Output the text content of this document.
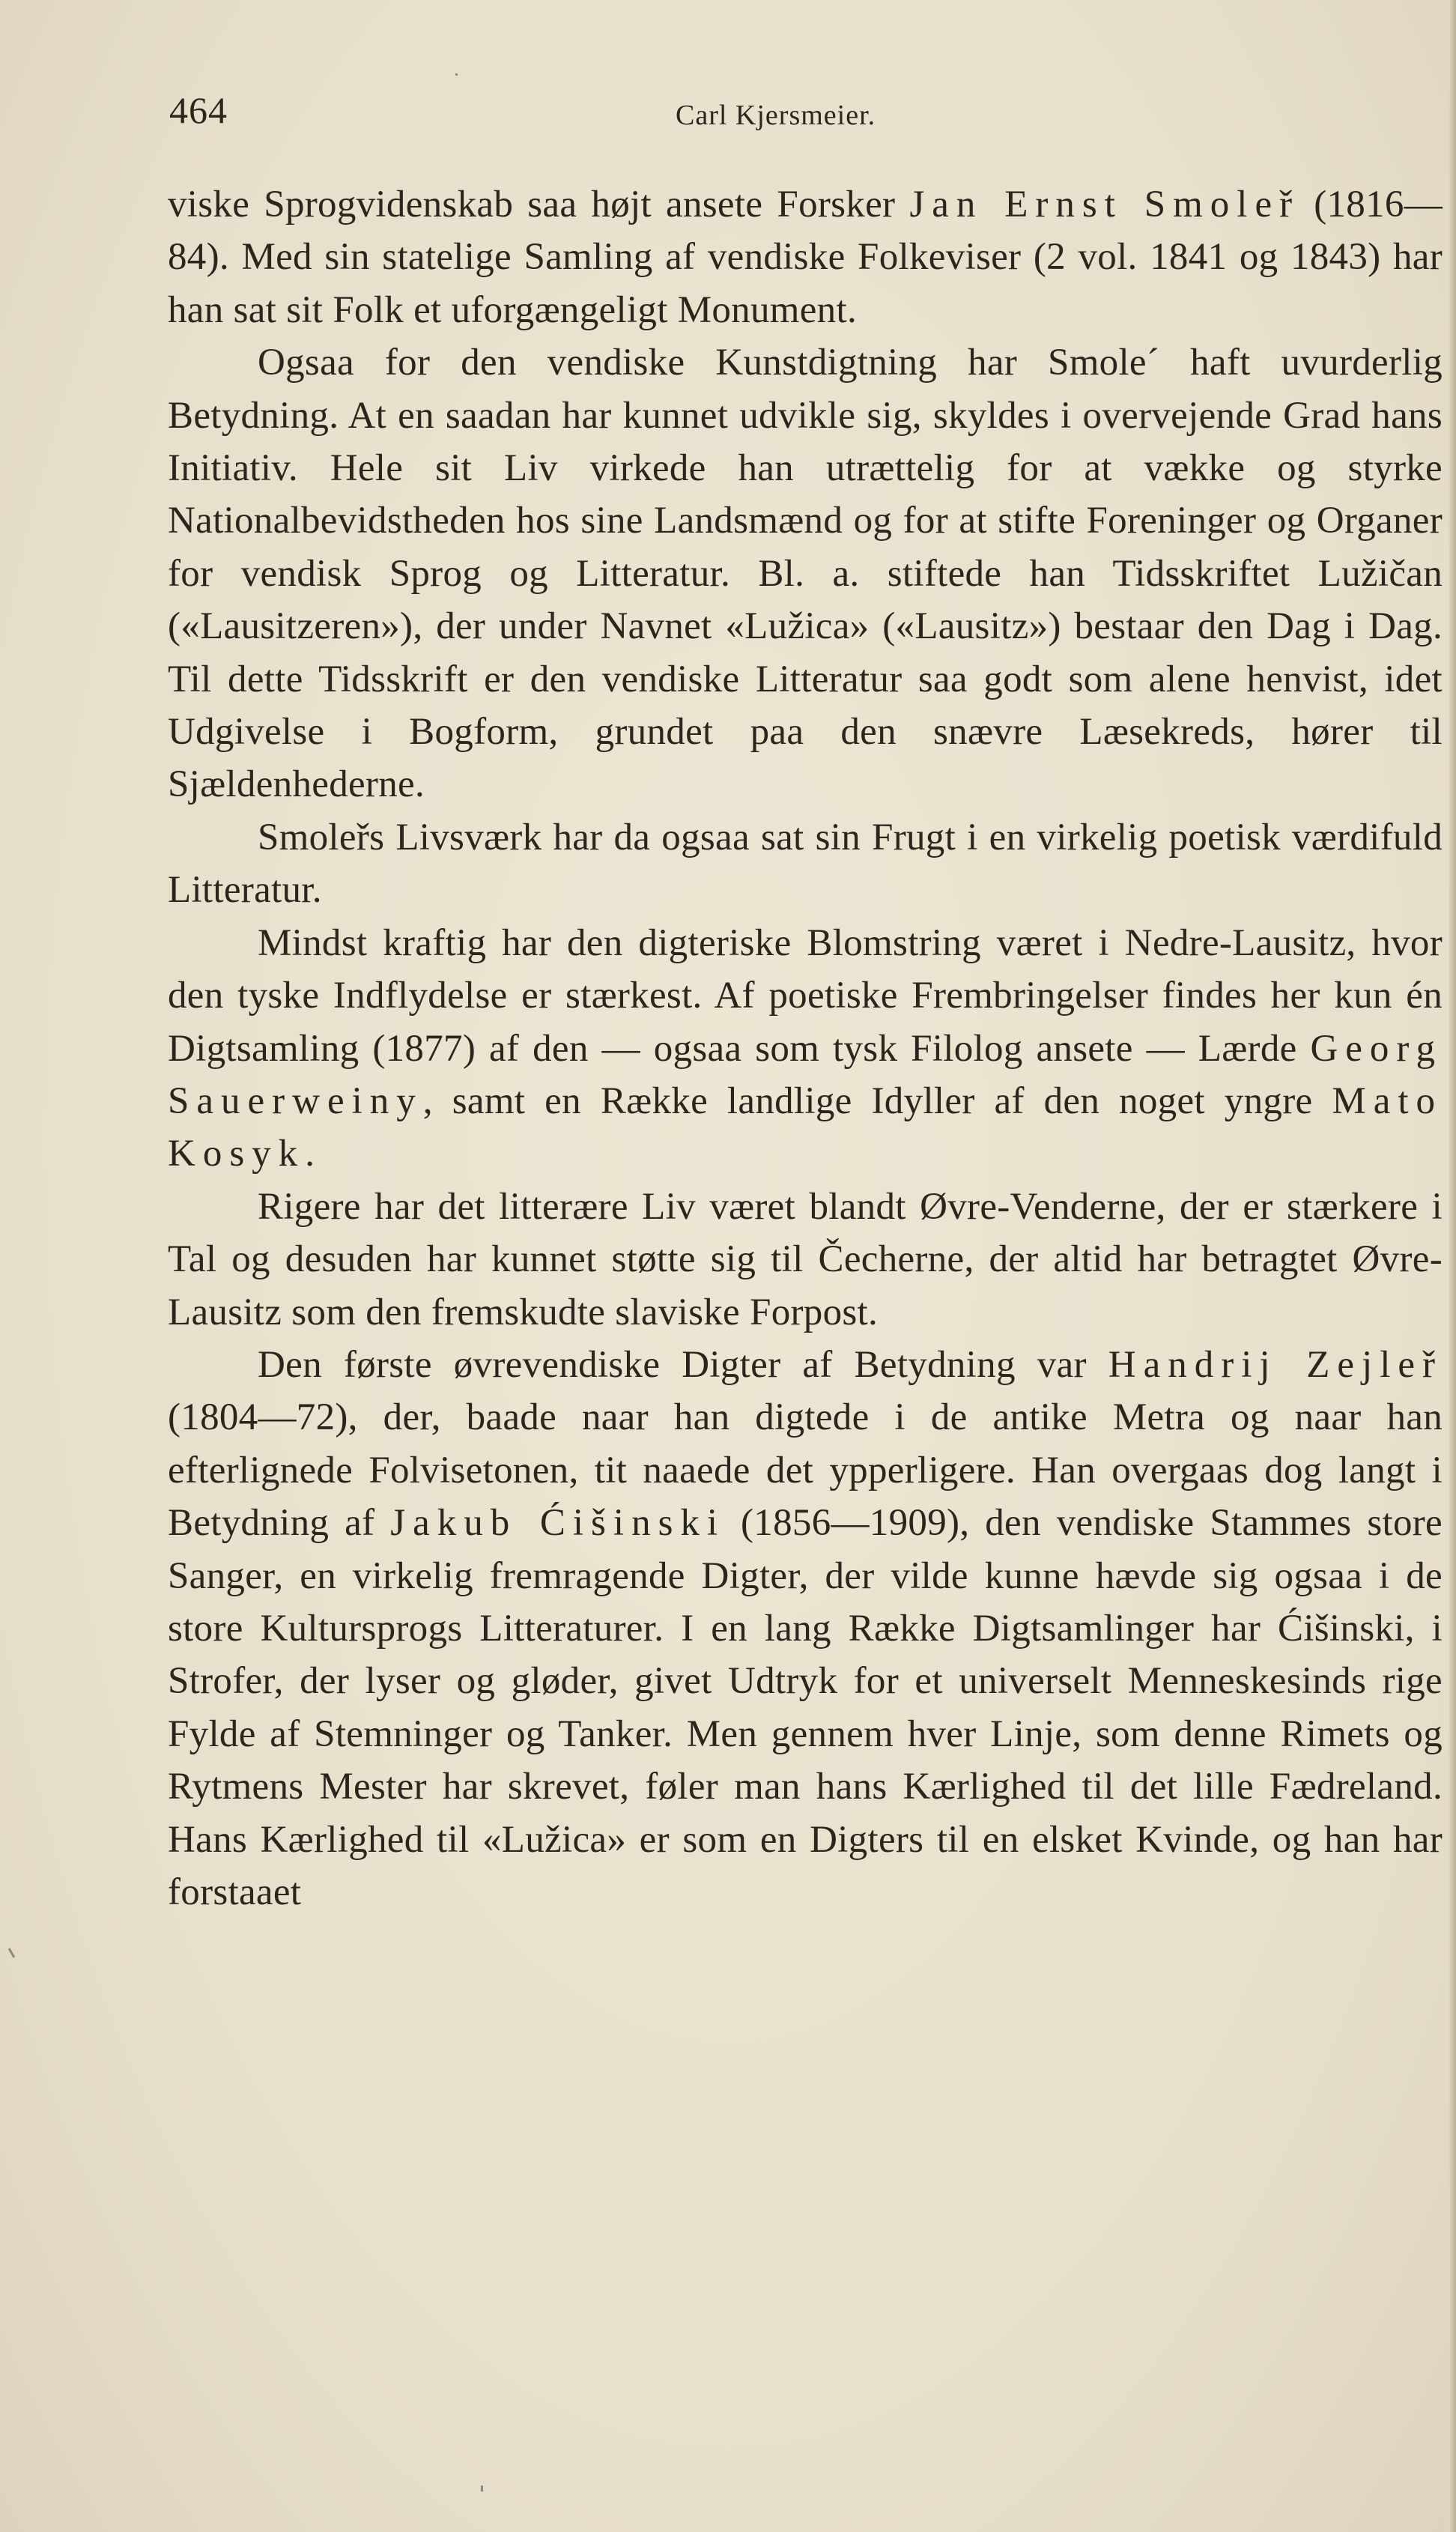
464	Carl Kjersmeier.

viske Sprogvidenskab saa højt ansete Forsker Jan Ernst Smoleř (1816—84). Med sin statelige Samling af vendiske Folkeviser (2 vol. 1841 og 1843) har han sat sit Folk et uforgængeligt Monument.

Ogsaa for den vendiske Kunstdigtning har Smole´ haft uvurderlig Betydning. At en saadan har kunnet udvikle sig, skyldes i overvejende Grad hans Initiativ. Hele sit Liv virkede han utrættelig for at vække og styrke Nationalbevidstheden hos sine Landsmænd og for at stifte Foreninger og Organer for vendisk Sprog og Litteratur. Bl. a. stiftede han Tidsskriftet Lužičan («Lausitzeren»), der under Navnet «Lužica» («Lausitz») bestaar den Dag i Dag. Til dette Tidsskrift er den vendiske Litteratur saa godt som alene henvist, idet Udgivelse i Bogform, grundet paa den snævre Læsekreds, hører til Sjældenhederne.

Smoleřs Livsværk har da ogsaa sat sin Frugt i en virkelig poetisk værdifuld Litteratur.

Mindst kraftig har den digteriske Blomstring været i Nedre-Lausitz, hvor den tyske Indflydelse er stærkest. Af poetiske Frembringelser findes her kun én Digtsamling (1877) af den — ogsaa som tysk Filolog ansete — Lærde Georg Sauerweiny, samt en Række landlige Idyller af den noget yngre Mato Kosyk.

Rigere har det litterære Liv været blandt Øvre-Venderne, der er stærkere i Tal og desuden har kunnet støtte sig til Čecherne, der altid har betragtet Øvre-Lausitz som den fremskudte slaviske Forpost.

Den første øvrevendiske Digter af Betydning var Handrij Zejleř (1804—72), der, baade naar han digtede i de antike Metra og naar han efterlignede Folvisetonen, tit naaede det ypperligere. Han overgaas dog langt i Betydning af Jakub Ćišinski (1856—1909), den vendiske Stammes store Sanger, en virkelig fremragende Digter, der vilde kunne hævde sig ogsaa i de store Kultursprogs Litteraturer. I en lang Række Digtsamlinger har Ćišinski, i Strofer, der lyser og gløder, givet Udtryk for et universelt Menneskesinds rige Fylde af Stemninger og Tanker. Men gennem hver Linje, som denne Rimets og Rytmens Mester har skrevet, føler man hans Kærlighed til det lille Fædreland. Hans Kærlighed til «Lužica» er som en Digters til en elsket Kvinde, og han har forstaaet
